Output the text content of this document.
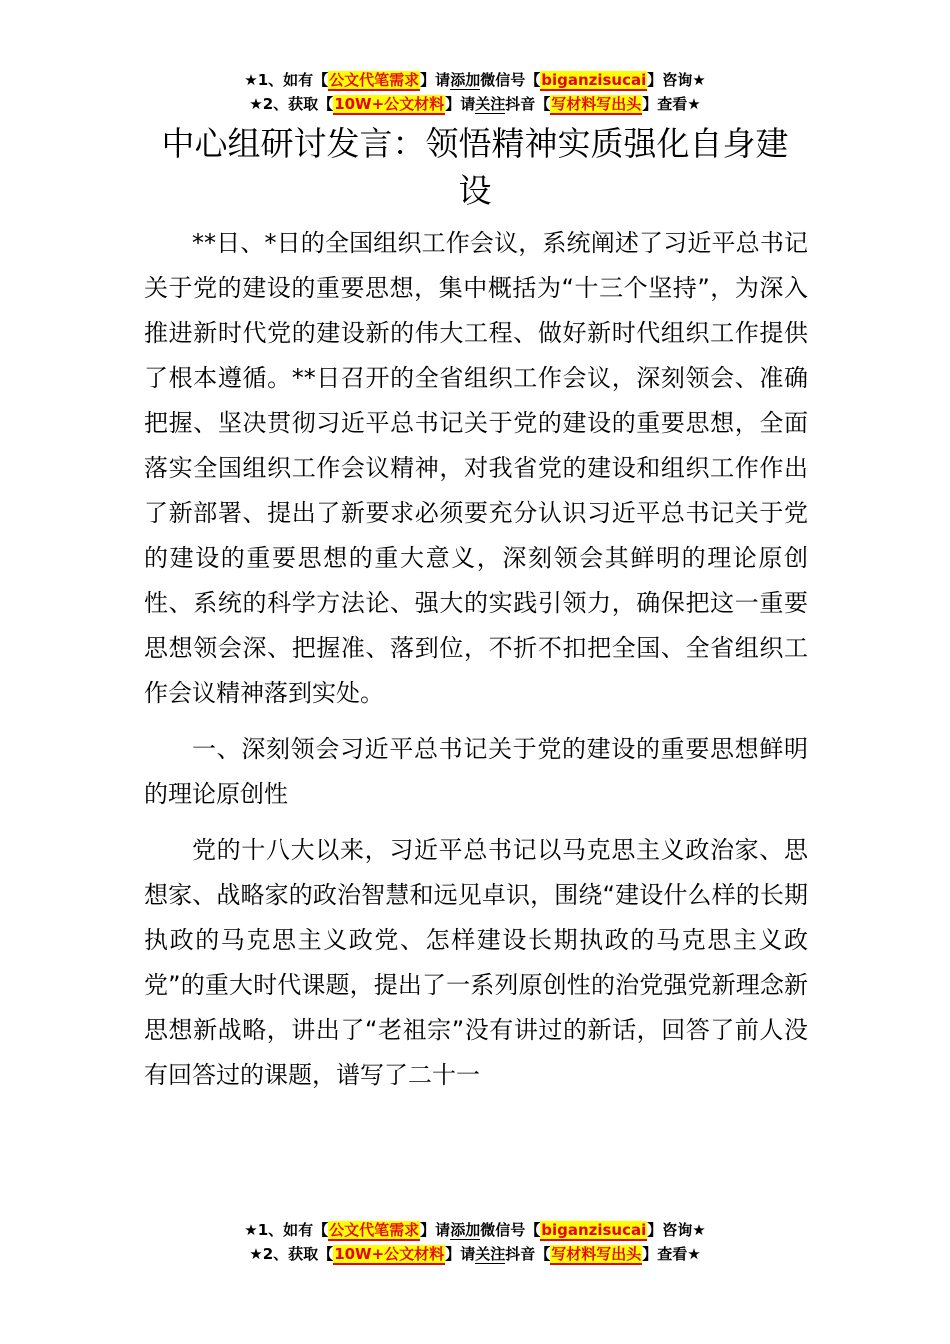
★1、如有【公文代笔需求】请添加微信号【biganzisucai】咨询★
★2、获取【10W+公文材料】请关注抖音【写材料写出头】查看★
中心组研讨发言：领悟精神实质强化自身建设

**日、*日的全国组织工作会议，系统阐述了习近平总书记关于党的建设的重要思想，集中概括为“十三个坚持”，为深入推进新时代党的建设新的伟大工程、做好新时代组织工作提供了根本遵循。**日召开的全省组织工作会议，深刻领会、准确把握、坚决贯彻习近平总书记关于党的建设的重要思想，全面落实全国组织工作会议精神，对我省党的建设和组织工作作出了新部署、提出了新要求必须要充分认识习近平总书记关于党的建设的重要思想的重大意义，深刻领会其鲜明的理论原创性、系统的科学方法论、强大的实践引领力，确保把这一重要思想领会深、把握准、落到位，不折不扣把全国、全省组织工作会议精神落到实处。

一、深刻领会习近平总书记关于党的建设的重要思想鲜明的理论原创性

党的十八大以来，习近平总书记以马克思主义政治家、思想家、战略家的政治智慧和远见卓识，围绕“建设什么样的长期执政的马克思主义政党、怎样建设长期执政的马克思主义政党”的重大时代课题，提出了一系列原创性的治党强党新理念新思想新战略，讲出了“老祖宗”没有讲过的新话，回答了前人没有回答过的课题，谱写了二十一

★1、如有【公文代笔需求】请添加微信号【biganzisucai】咨询★
★2、获取【10W+公文材料】请关注抖音【写材料写出头】查看★
